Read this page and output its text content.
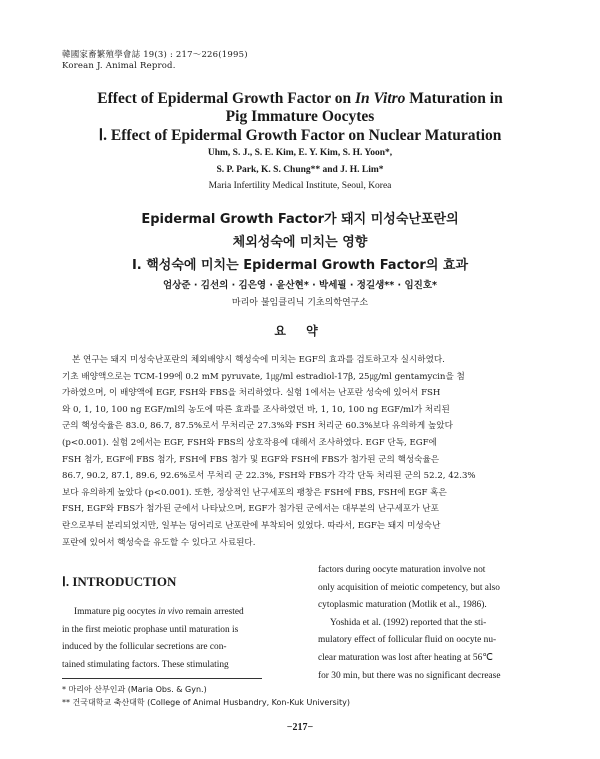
韓國家畜繁殖學會誌 19(3) : 217～226(1995)
Korean J. Animal Reprod.
Effect of Epidermal Growth Factor on In Vitro Maturation in
Pig Immature Oocytes
Ⅰ. Effect of Epidermal Growth Factor on Nuclear Maturation
Uhm, S. J., S. E. Kim, E. Y. Kim, S. H. Yoon*,
S. P. Park, K. S. Chung** and J. H. Lim*
Maria Infertility Medical Institute, Seoul, Korea
Epidermal Growth Factor가 돼지 미성숙난포란의
체외성숙에 미치는 영향
Ⅰ. 핵성숙에 미치는 Epidermal Growth Factor의 효과
엄상준 · 김선의 · 김은영 · 윤산현* · 박세필 · 정길생** · 임진호*
마리아 불임클리닉 기초의학연구소
요 약
본 연구는 돼지 미성숙난포란의 체외배양시 핵성숙에 미치는 EGF의 효과를 검토하고자 실시하였다.
기초 배양액으로는 TCM-199에 0.2 mM pyruvate, 1㎍/ml estradiol-17β, 25㎍/ml gentamycin을 첨
가하였으며, 이 배양액에 EGF, FSH와 FBS을 처리하였다. 실험 1에서는 난포란 성숙에 있어서 FSH
와 0, 1, 10, 100 ng EGF/ml의 농도에 따른 효과를 조사하였던 바, 1, 10, 100 ng EGF/ml가 처리된
군의 핵성숙율은 83.0, 86.7, 87.5%로서 무처리군 27.3%와 FSH 처리군 60.3%보다 유의하게 높았다
(p<0.001). 실험 2에서는 EGF, FSH와 FBS의 상호작용에 대해서 조사하였다. EGF 단독, EGF에
FSH 첨가, EGF에 FBS 첨가, FSH에 FBS 첨가 및 EGF와 FSH에 FBS가 첨가된 군의 핵성숙율은
86.7, 90.2, 87.1, 89.6, 92.6%로서 무처리 군 22.3%, FSH와 FBS가 각각 단독 처리된 군의 52.2, 42.3%
보다 유의하게 높았다 (p<0.001). 또한, 정상적인 난구세포의 팽창은 FSH에 FBS, FSH에 EGF 혹은
FSH, EGF와 FBS가 첨가된 군에서 나타났으며, EGF가 첨가된 군에서는 대부분의 난구세포가 난포
란으로부터 분리되었지만, 일부는 덩어리로 난포란에 부착되어 있었다. 따라서, EGF는 돼지 미성숙난
포란에 있어서 핵성숙을 유도할 수 있다고 사료된다.
Ⅰ. INTRODUCTION
Immature pig oocytes in vivo remain arrested
in the first meiotic prophase until maturation is
induced by the follicular secretions are con-
tained stimulating factors. These stimulating
factors during oocyte maturation involve not
only acquisition of meiotic competency, but also
cytoplasmic maturation (Motlik et al., 1986).
Yoshida et al. (1992) reported that the sti-
mulatory effect of follicular fluid on oocyte nu-
clear maturation was lost after heating at 56℃
for 30 min, but there was no significant decrease
* 마리아 산부인과 (Maria Obs. & Gyn.)
** 건국대학교 축산대학 (College of Animal Husbandry, Kon-Kuk University)
−217−
